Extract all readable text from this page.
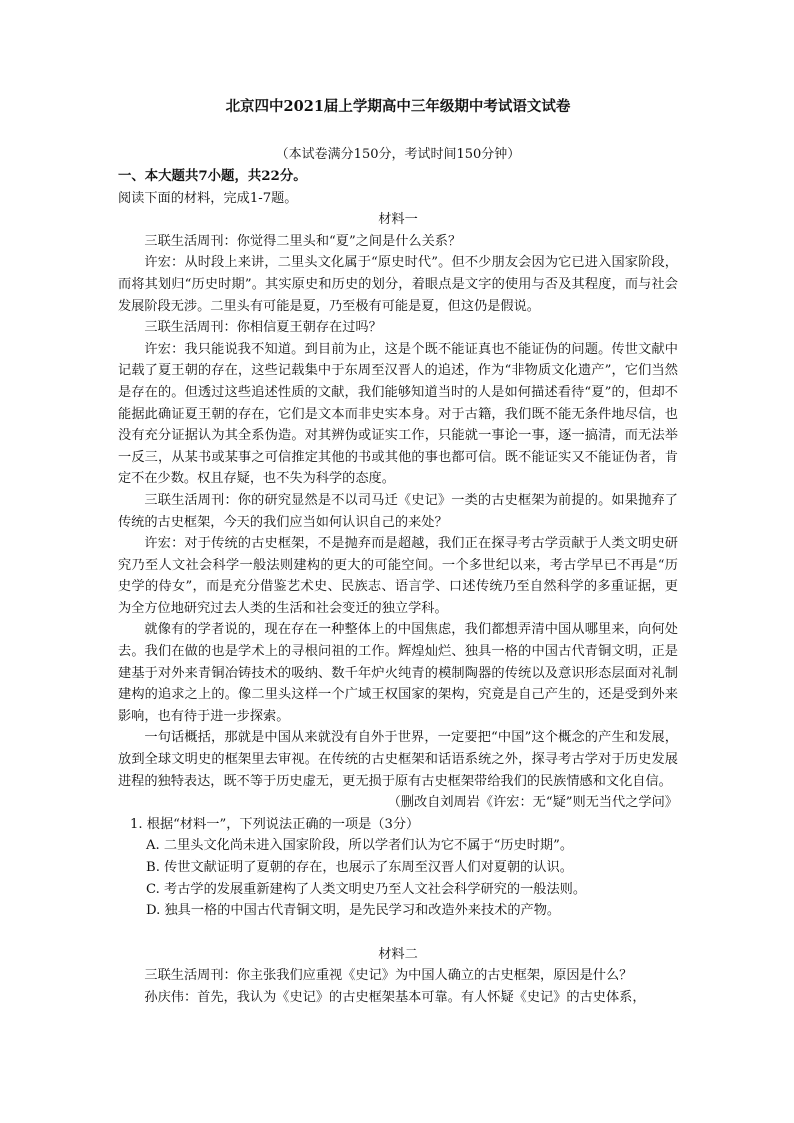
北京四中2021届上学期高中三年级期中考试语文试卷
（本试卷满分150分，考试时间150分钟）
一、本大题共7小题，共22分。
阅读下面的材料，完成1-7题。
材料一

三联生活周刊：你觉得二里头和“夏”之间是什么关系？

许宏：从时段上来讲，二里头文化属于“原史时代”。但不少朋友会因为它已进入国家阶段，而将其划归“历史时期”。其实原史和历史的划分，着眼点是文字的使用与否及其程度，而与社会发展阶段无涉。二里头有可能是夏，乃至极有可能是夏，但这仍是假说。

三联生活周刊：你相信夏王朝存在过吗？

许宏：我只能说我不知道。到目前为止，这是个既不能证真也不能证伪的问题。传世文献中记载了夏王朝的存在，这些记载集中于东周至汉晋人的追述，作为“非物质文化遗产”，它们当然是存在的。但透过这些追述性质的文献，我们能够知道当时的人是如何描述看待“夏”的，但却不能据此确证夏王朝的存在，它们是文本而非史实本身。对于古籍，我们既不能无条件地尽信，也没有充分证据认为其全系伪造。对其辨伪或证实工作，只能就一事论一事，逐一搞清，而无法举一反三，从某书或某事之可信推定其他的书或其他的事也都可信。既不能证实又不能证伪者，肯定不在少数。权且存疑，也不失为科学的态度。

三联生活周刊：你的研究显然是不以司马迁《史记》一类的古史框架为前提的。如果抛弃了传统的古史框架，今天的我们应当如何认识自己的来处？

许宏：对于传统的古史框架，不是抛弃而是超越，我们正在探寻考古学贡献于人类文明史研究乃至人文社会科学一般法则建构的更大的可能空间。一个多世纪以来，考古学早已不再是“历史学的侍女”，而是充分借鉴艺术史、民族志、语言学、口述传统乃至自然科学的多重证据，更为全方位地研究过去人类的生活和社会变迁的独立学科。

就像有的学者说的，现在存在一种整体上的中国焦虑，我们都想弄清中国从哪里来，向何处去。我们在做的也是学术上的寻根问祖的工作。辉煌灿烂、独具一格的中国古代青铜文明，正是建基于对外来青铜冶铸技术的吸纳、数千年炉火纯青的模制陶器的传统以及意识形态层面对礼制建构的追求之上的。像二里头这样一个广域王权国家的架构，究竟是自己产生的，还是受到外来影响，也有待于进一步探索。

一句话概括，那就是中国从来就没有自外于世界，一定要把“中国”这个概念的产生和发展，放到全球文明史的框架里去审视。在传统的古史框架和话语系统之外，探寻考古学对于历史发展进程的独特表达，既不等于历史虚无，更无损于原有古史框架带给我们的民族情感和文化自信。

（删改自刘周岩《许宏：无“疑”则无当代之学问》
1. 根据“材料一”，下列说法正确的一项是（3分）
A. 二里头文化尚未进入国家阶段，所以学者们认为它不属于“历史时期”。
B. 传世文献证明了夏朝的存在，也展示了东周至汉晋人们对夏朝的认识。
C. 考古学的发展重新建构了人类文明史乃至人文社会科学研究的一般法则。
D. 独具一格的中国古代青铜文明，是先民学习和改造外来技术的产物。
材料二

三联生活周刊：你主张我们应重视《史记》为中国人确立的古史框架，原因是什么？

孙庆伟：首先，我认为《史记》的古史框架基本可靠。有人怀疑《史记》的古史体系，
